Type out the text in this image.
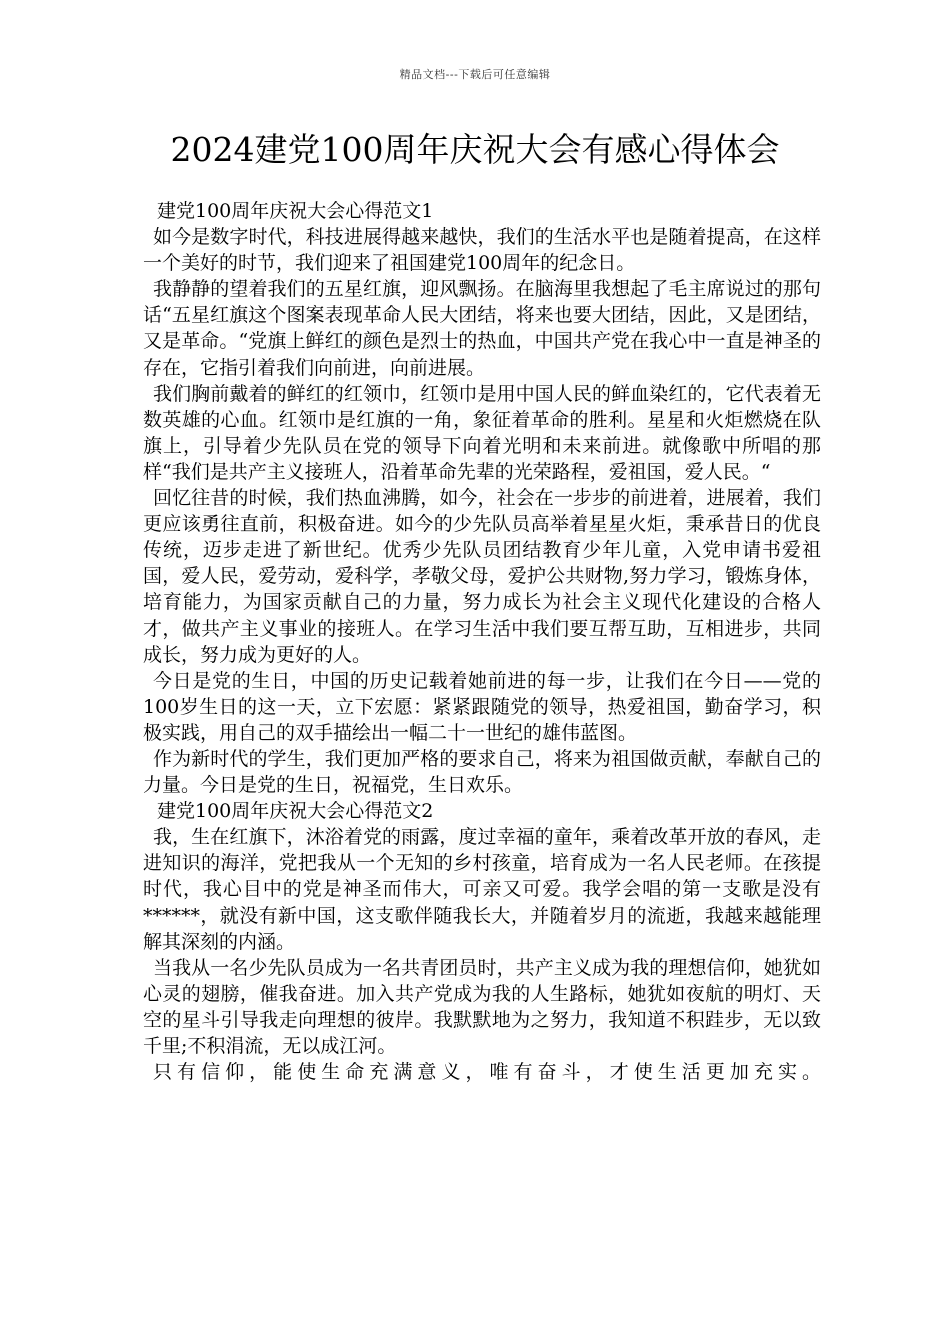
精品文档---下载后可任意编辑
2024建党100周年庆祝大会有感心得体会

建党100周年庆祝大会心得范文1

如今是数字时代，科技进展得越来越快，我们的生活水平也是随着提高，在这样一个美好的时节，我们迎来了祖国建党100周年的纪念日。

我静静的望着我们的五星红旗，迎风飘扬。在脑海里我想起了毛主席说过的那句话“五星红旗这个图案表现革命人民大团结，将来也要大团结，因此，又是团结，又是革命。“党旗上鲜红的颜色是烈士的热血，中国共产党在我心中一直是神圣的存在，它指引着我们向前进，向前进展。

我们胸前戴着的鲜红的红领巾，红领巾是用中国人民的鲜血染红的，它代表着无数英雄的心血。红领巾是红旗的一角，象征着革命的胜利。星星和火炬燃烧在队旗上，引导着少先队员在党的领导下向着光明和未来前进。就像歌中所唱的那样“我们是共产主义接班人，沿着革命先辈的光荣路程，爱祖国，爱人民。“

回忆往昔的时候，我们热血沸腾，如今，社会在一步步的前进着，进展着，我们更应该勇往直前，积极奋进。如今的少先队员高举着星星火炬，秉承昔日的优良传统，迈步走进了新世纪。优秀少先队员团结教育少年儿童，入党申请书爱祖国，爱人民，爱劳动，爱科学，孝敬父母，爱护公共财物,努力学习，锻炼身体，培育能力，为国家贡献自己的力量，努力成长为社会主义现代化建设的合格人才，做共产主义事业的接班人。在学习生活中我们要互帮互助，互相进步，共同成长，努力成为更好的人。

今日是党的生日，中国的历史记载着她前进的每一步，让我们在今日——党的100岁生日的这一天，立下宏愿：紧紧跟随党的领导，热爱祖国，勤奋学习，积极实践，用自己的双手描绘出一幅二十一世纪的雄伟蓝图。

作为新时代的学生，我们更加严格的要求自己，将来为祖国做贡献，奉献自己的力量。今日是党的生日，祝福党，生日欢乐。

建党100周年庆祝大会心得范文2

我，生在红旗下，沐浴着党的雨露，度过幸福的童年，乘着改革开放的春风，走进知识的海洋，党把我从一个无知的乡村孩童，培育成为一名人民老师。在孩提时代，我心目中的党是神圣而伟大，可亲又可爱。我学会唱的第一支歌是没有******，就没有新中国，这支歌伴随我长大，并随着岁月的流逝，我越来越能理解其深刻的内涵。

当我从一名少先队员成为一名共青团员时，共产主义成为我的理想信仰，她犹如心灵的翅膀，催我奋进。加入共产党成为我的人生路标，她犹如夜航的明灯、天空的星斗引导我走向理想的彼岸。我默默地为之努力，我知道不积跬步，无以致千里;不积涓流，无以成江河。

只有信仰，能使生命充满意义，唯有奋斗，才使生活更加充实。
